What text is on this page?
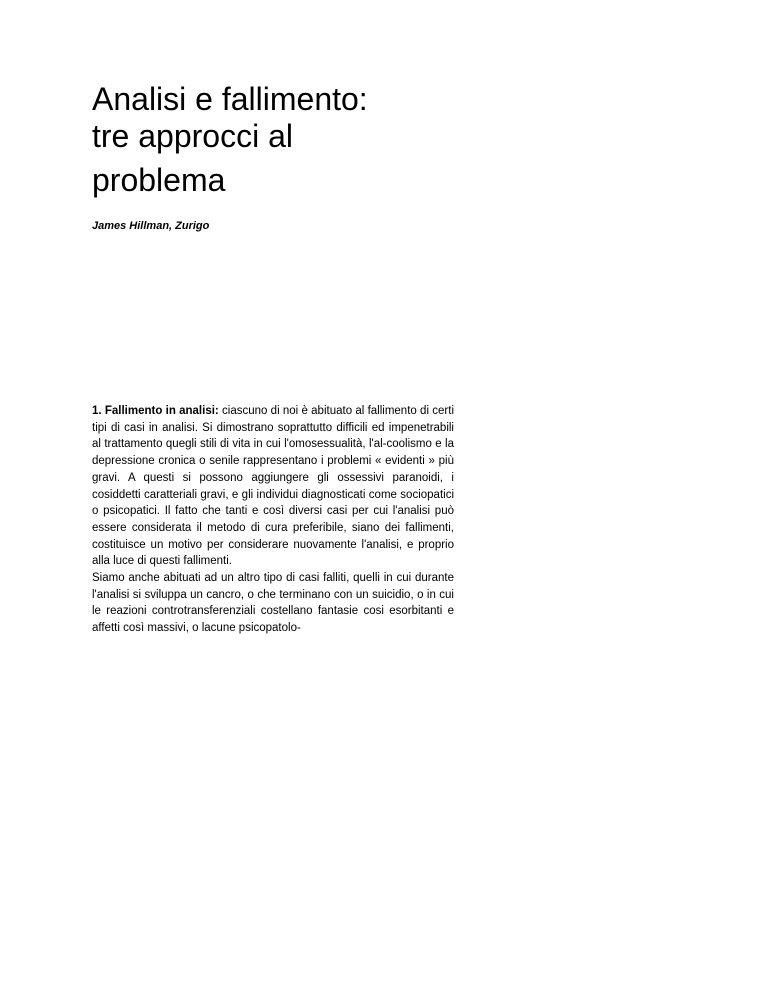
Analisi e fallimento:
tre approcci al
problema
James Hillman, Zurigo

1. Fallimento in analisi: ciascuno di noi è abituato al fallimento di certi tipi di casi in analisi. Si dimostrano soprattutto difficili ed impenetrabili al trattamento quegli stili di vita in cui l'omosessualità, l'al-coolismo e la depressione cronica o senile rappresentano i problemi « evidenti » più gravi. A questi si possono aggiungere gli ossessivi paranoidi, i cosiddetti caratteriali gravi, e gli individui diagnosticati come sociopatici o psicopatici. Il fatto che tanti e così diversi casi per cui l'analisi può essere considerata il metodo di cura preferibile, siano dei fallimenti, costituisce un motivo per considerare nuovamente l'analisi, e proprio alla luce di questi fallimenti.

Siamo anche abituati ad un altro tipo di casi falliti, quelli in cui durante l'analisi si sviluppa un cancro, o che terminano con un suicidio, o in cui le reazioni controtransferenziali costellano fantasie cosi esorbitanti e affetti così massivi, o lacune psicopatolo-
